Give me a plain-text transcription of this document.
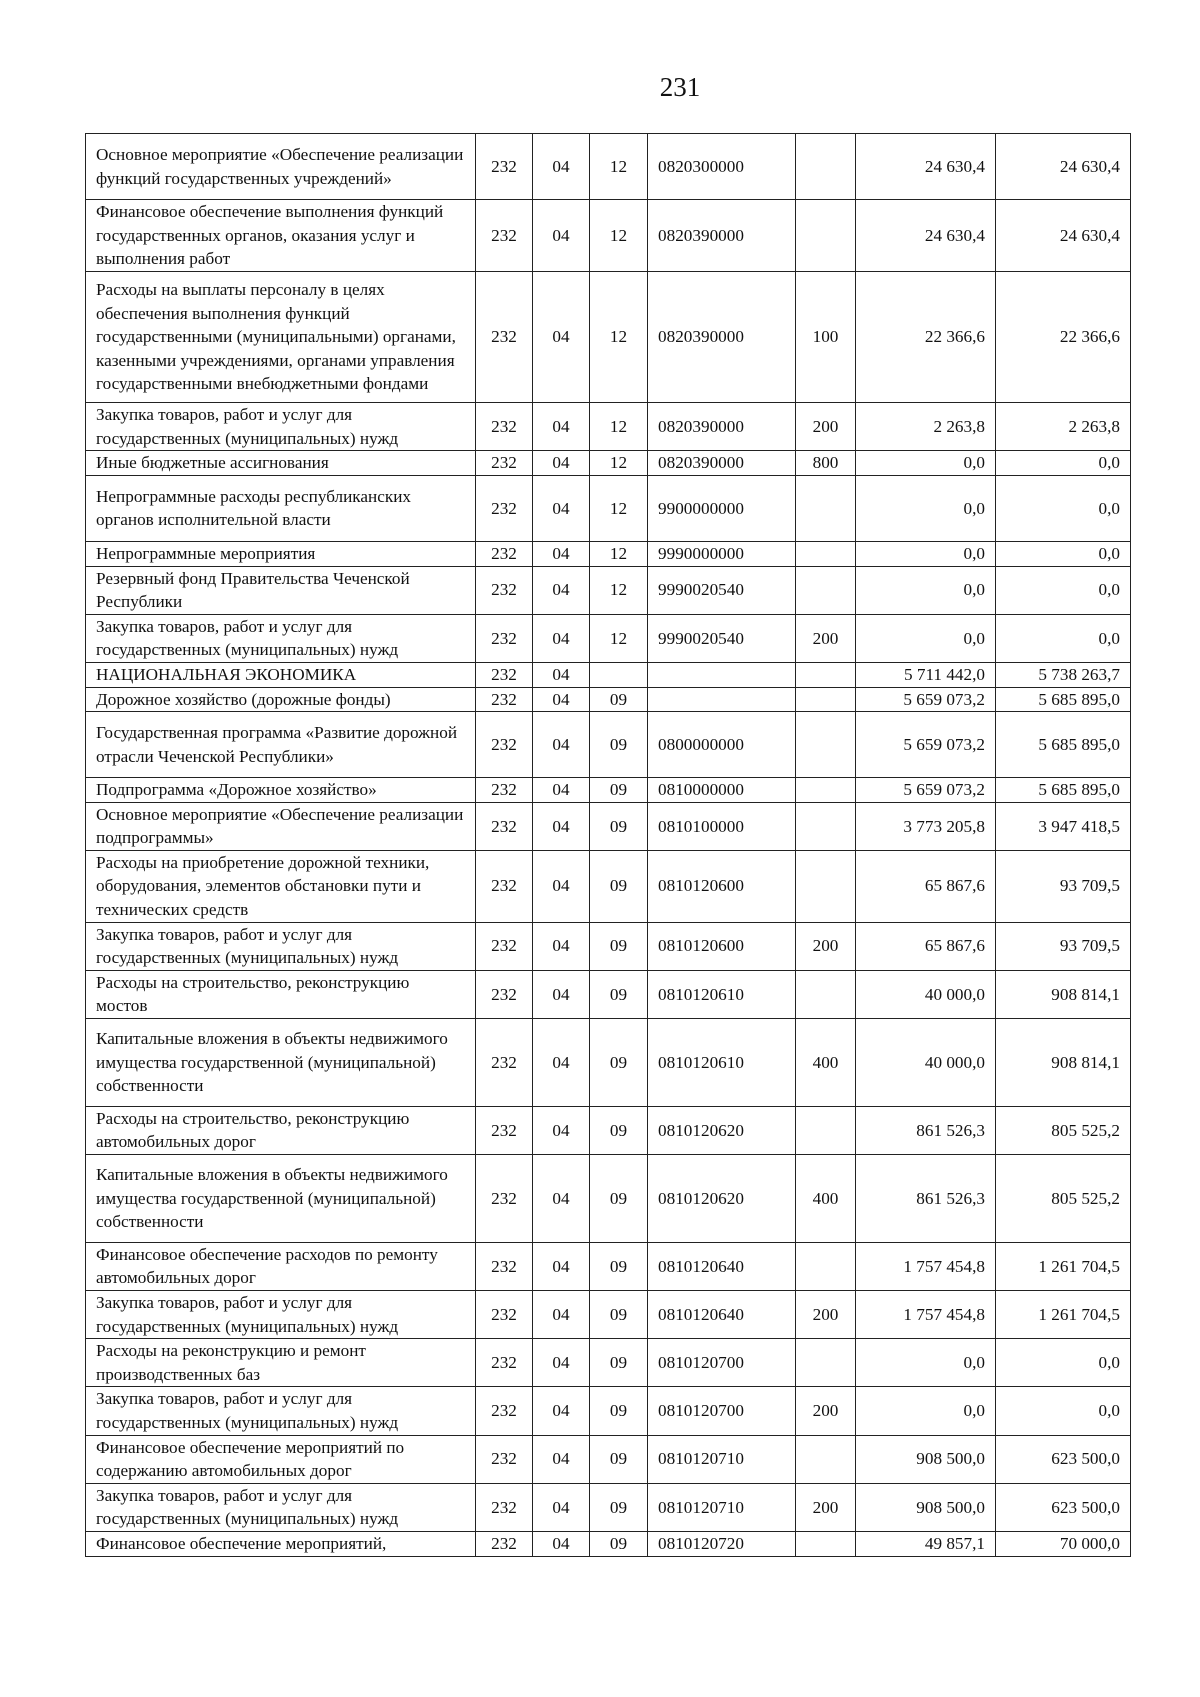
231
Основное мероприятие «Обеспечение реализации функций государственных учреждений»	232	04	12	0820300000		24 630,4	24 630,4
Финансовое обеспечение выполнения функций государственных органов, оказания услуг и выполнения работ	232	04	12	0820390000		24 630,4	24 630,4
Расходы на выплаты персоналу в целях обеспечения выполнения функций государственными (муниципальными) органами, казенными учреждениями, органами управления государственными внебюджетными фондами	232	04	12	0820390000	100	22 366,6	22 366,6
Закупка товаров, работ и услуг для государственных (муниципальных) нужд	232	04	12	0820390000	200	2 263,8	2 263,8
Иные бюджетные ассигнования	232	04	12	0820390000	800	0,0	0,0
Непрограммные расходы республиканских органов исполнительной власти	232	04	12	9900000000		0,0	0,0
Непрограммные мероприятия	232	04	12	9990000000		0,0	0,0
Резервный фонд Правительства Чеченской Республики	232	04	12	9990020540		0,0	0,0
Закупка товаров, работ и услуг для государственных (муниципальных) нужд	232	04	12	9990020540	200	0,0	0,0
НАЦИОНАЛЬНАЯ ЭКОНОМИКА	232	04				5 711 442,0	5 738 263,7
Дорожное хозяйство (дорожные фонды)	232	04	09			5 659 073,2	5 685 895,0
Государственная программа «Развитие дорожной отрасли Чеченской Республики»	232	04	09	0800000000		5 659 073,2	5 685 895,0
Подпрограмма «Дорожное хозяйство»	232	04	09	0810000000		5 659 073,2	5 685 895,0
Основное мероприятие «Обеспечение реализации подпрограммы»	232	04	09	0810100000		3 773 205,8	3 947 418,5
Расходы на приобретение дорожной техники, оборудования, элементов обстановки пути и технических средств	232	04	09	0810120600		65 867,6	93 709,5
Закупка товаров, работ и услуг для государственных (муниципальных) нужд	232	04	09	0810120600	200	65 867,6	93 709,5
Расходы на строительство, реконструкцию мостов	232	04	09	0810120610		40 000,0	908 814,1
Капитальные вложения в объекты недвижимого имущества государственной (муниципальной) собственности	232	04	09	0810120610	400	40 000,0	908 814,1
Расходы на строительство, реконструкцию автомобильных дорог	232	04	09	0810120620		861 526,3	805 525,2
Капитальные вложения в объекты недвижимого имущества государственной (муниципальной) собственности	232	04	09	0810120620	400	861 526,3	805 525,2
Финансовое обеспечение расходов по ремонту автомобильных дорог	232	04	09	0810120640		1 757 454,8	1 261 704,5
Закупка товаров, работ и услуг для государственных (муниципальных) нужд	232	04	09	0810120640	200	1 757 454,8	1 261 704,5
Расходы на реконструкцию и ремонт производственных баз	232	04	09	0810120700		0,0	0,0
Закупка товаров, работ и услуг для государственных (муниципальных) нужд	232	04	09	0810120700	200	0,0	0,0
Финансовое обеспечение мероприятий по содержанию автомобильных дорог	232	04	09	0810120710		908 500,0	623 500,0
Закупка товаров, работ и услуг для государственных (муниципальных) нужд	232	04	09	0810120710	200	908 500,0	623 500,0
Финансовое обеспечение мероприятий,	232	04	09	0810120720		49 857,1	70 000,0
